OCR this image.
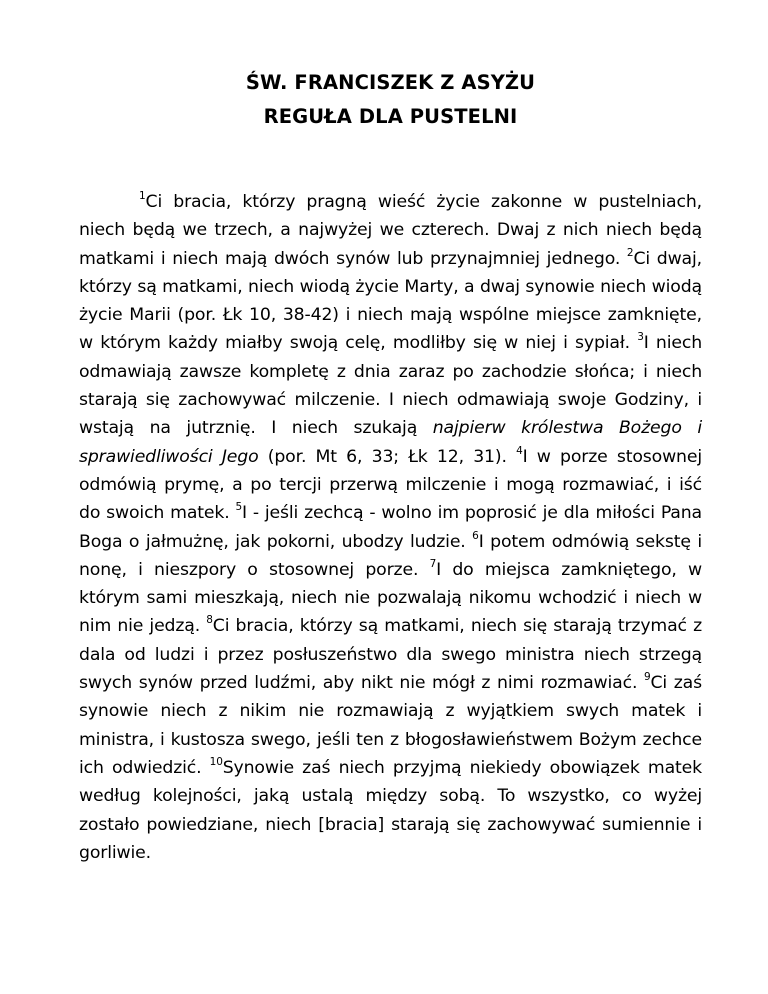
ŚW. FRANCISZEK Z ASYŻU
REGUŁA DLA PUSTELNI

$^1$Ci bracia, którzy pragną wieść życie zakonne w pustelniach, niech będą we trzech, a najwyżej we czterech. Dwaj z nich niech będą matkami i niech mają dwóch synów lub przynajmniej jednego. $^2$Ci dwaj, którzy są matkami, niech wiodą życie Marty, a dwaj synowie niech wiodą życie Marii (por. Łk 10, 38-42) i niech mają wspólne miejsce zamknięte, w którym każdy miałby swoją celę, modliłby się w niej i sypiał. $^3$I niech odmawiają zawsze kompletę z dnia zaraz po zachodzie słońca; i niech starają się zachowywać milczenie. I niech odmawiają swoje Godziny, i wstają na jutrznię. I niech szukają najpierw królestwa Bożego i sprawiedliwości Jego (por. Mt 6, 33; Łk 12, 31). $^4$I w porze stosownej odmówią prymę, a po tercji przerwą milczenie i mogą rozmawiać, i iść do swoich matek. $^5$I - jeśli zechcą - wolno im poprosić je dla miłości Pana Boga o jałmużnę, jak pokorni, ubodzy ludzie. $^6$I potem odmówią sekstę i nonę, i nieszpory o stosownej porze. $^7$I do miejsca zamkniętego, w którym sami mieszkają, niech nie pozwalają nikomu wchodzić i niech w nim nie jedzą. $^8$Ci bracia, którzy są matkami, niech się starają trzymać z dala od ludzi i przez posłuszeństwo dla swego ministra niech strzegą swych synów przed ludźmi, aby nikt nie mógł z nimi rozmawiać. $^9$Ci zaś synowie niech z nikim nie rozmawiają z wyjątkiem swych matek i ministra, i kustosza swego, jeśli ten z błogosławieństwem Bożym zechce ich odwiedzić. $^{10}$Synowie zaś niech przyjmą niekiedy obowiązek matek według kolejności, jaką ustalą między sobą. To wszystko, co wyżej zostało powiedziane, niech [bracia] starają się zachowywać sumiennie i gorliwie.
